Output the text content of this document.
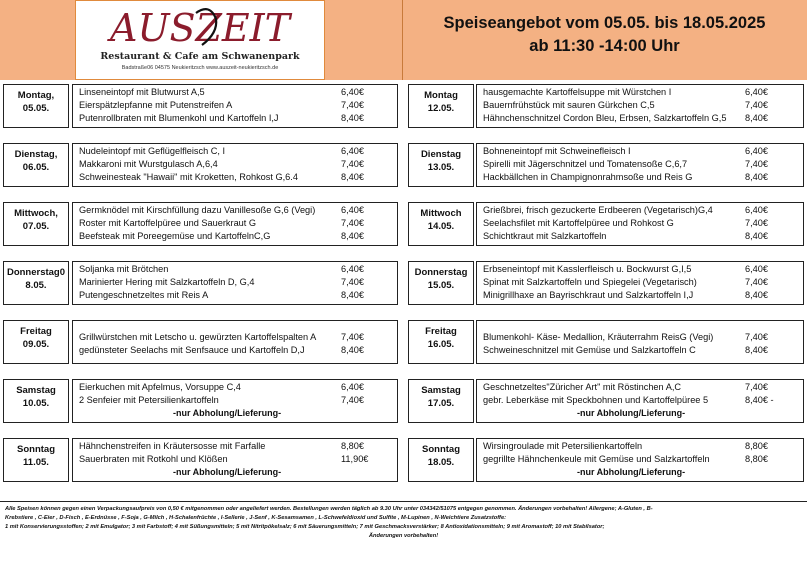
AUSZEIT
Restaurant & Cafe am Schwanenpark
Badstraße06 04575 Neukieritzsch www.auszeit-neukieritzsch.de
Speiseangebot vom 05.05. bis 18.05.2025
ab 11:30 -14:00 Uhr
Montag,
05.05.
Linseneintopf mit Blutwurst A,5	6,40€
Eierspätzlepfanne mit Putenstreifen A	7,40€
Putenrollbraten mit Blumenkohl und Kartoffeln I,J	8,40€
Dienstag,
06.05.
Nudeleintopf mit Geflügelfleisch C, I	6,40€
Makkaroni mit Wurstgulasch A,6,4	7,40€
Schweinesteak "Hawaii" mit Kroketten, Rohkost G,6.4	8,40€
Mittwoch,
07.05.
Germknödel mit Kirschfüllung dazu Vanillesoße G,6 (Vegi)	6,40€
Roster mit Kartoffelpüree und Sauerkraut G	7,40€
Beefsteak mit Poreegemüse und KartoffelnC,G	8,40€
Donnerstag0
8.05.
Soljanka mit Brötchen	6,40€
Marinierter Hering mit Salzkartoffeln D, G,4	7,40€
Putengeschnetzeltes mit Reis A	8,40€
Freitag
09.05.
Grillwürstchen mit Letscho u. gewürzten Kartoffelspalten A	7,40€
gedünsteter Seelachs mit Senfsauce und Kartoffeln D,J	8,40€
Samstag
10.05.
Eierkuchen mit Apfelmus, Vorsuppe C,4	6,40€
2 Senfeier mit Petersilienkartoffeln	7,40€
-nur Abholung/Lieferung-
Sonntag
11.05.
Hähnchenstreifen in Kräutersosse mit Farfalle	8,80€
Sauerbraten mit Rotkohl und Klößen	11,90€
-nur Abholung/Lieferung-
Montag
12.05.
hausgemachte Kartoffelsuppe mit Würstchen I	6,40€
Bauernfrühstück mit sauren Gürkchen C,5	7,40€
Hähnchenschnitzel Cordon Bleu, Erbsen, Salzkartoffeln G,5 8,40€
Dienstag
13.05.
Bohneneintopf mit Schweinefleisch I	6,40€
Spirelli mit Jägerschnitzel und Tomatensoße C,6,7	7,40€
Hackbällchen in Champignonrahmsoße und Reis G	8,40€
Mittwoch
14.05.
Grießbrei, frisch gezuckerte Erdbeeren (Vegetarisch)G,4	6,40€
Seelachsfilet mit Kartoffelpüree und Rohkost G	7,40€
Schichtkraut mit Salzkartoffeln	8,40€
Donnerstag
15.05.
Erbseneintopf mit Kasslerfleisch u. Bockwurst G,I,5	6,40€
Spinat mit Salzkartoffeln und Spiegelei (Vegetarisch)	7,40€
Minigrillhaxe an Bayrischkraut und Salzkartoffeln I,J	8,40€
Freitag
16.05.
Blumenkohl- Käse- Medallion, Kräuterrahm ReisG (Vegi)	7,40€
Schweineschnitzel mit Gemüse und Salzkartoffeln C	8,40€
Samstag
17.05.
Geschnetzeltes"Züricher Art" mit Röstinchen A,C	7,40€
gebr. Leberkäse mit Speckbohnen und Kartoffelpüree 5	8,40€ -
-nur Abholung/Lieferung-
Sonntag
18.05.
Wirsingroulade mit Petersilienkartoffeln	8,80€
gegrillte Hähnchenkeule mit Gemüse und Salzkartoffeln	8,80€
-nur Abholung/Lieferung-
Alle Speisen können gegen einen Verpackungsaufpreis von 0,50 € mitgenommen oder angeliefert werden. Bestellungen werden täglich ab 9.30 Uhr unter 034342/51075 entgegen genommen. Änderungen vorbehalten! Allergene; A-Gluten , B-
Krebstiere , C-Eier , D-Fisch , E-Erdnüsse , F-Soja , G-Milch , H-Schalenfrüchte , I-Sellerie , J-Senf , K-Sesamsamen , L-Schwefeldioxid und Sulfite , M-Lupinen , N-Weichtiere Zusatzstoffe:
1 mit Konservierungsstoffen; 2 mit Emulgator; 3 mit Farbstoff; 4 mit Süßungsmitteln; 5 mit Nitritpökelsalz; 6 mit Säuerungsmitteln; 7 mit Geschmacksverstärker; 8 Antioxidationsmitteln; 9 mit Aromastoff; 10 mit Stabilsator;
Änderungen vorbehalten!
